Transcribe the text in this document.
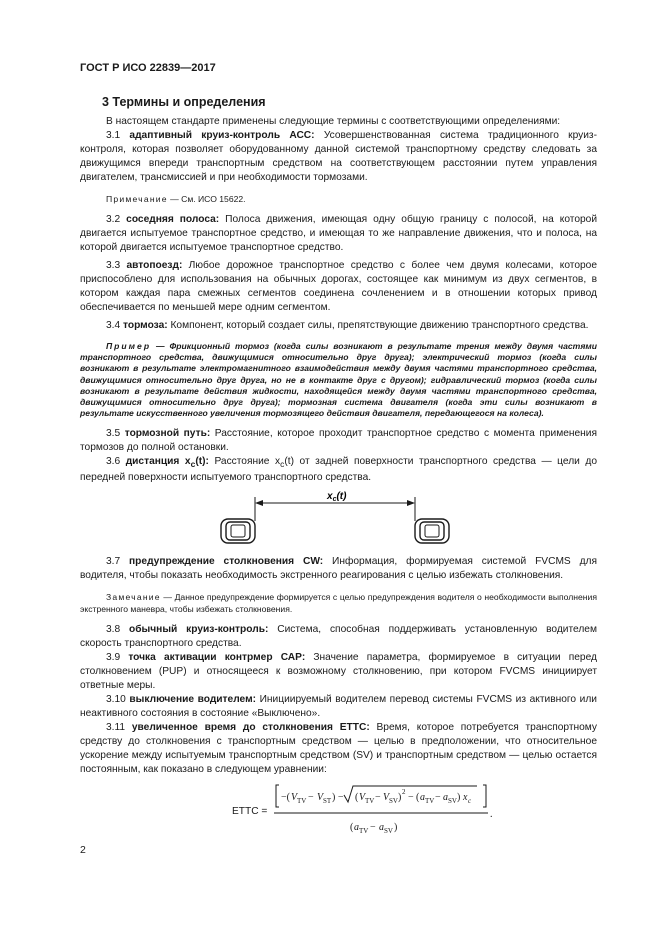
ГОСТ Р ИСО 22839—2017
3 Термины и определения

В настоящем стандарте применены следующие термины с соответствующими определениями:

3.1 адаптивный круиз-контроль АСС: Усовершенствованная система традиционного круиз-контроля, которая позволяет оборудованному данной системой транспортному средству следовать за движущимся впереди транспортным средством на соответствующем расстоянии путем управления двигателем, трансмиссией и при необходимости тормозами.

Примечание — См. ИСО 15622.

3.2 соседняя полоса: Полоса движения, имеющая одну общую границу с полосой, на которой двигается испытуемое транспортное средство, и имеющая то же направление движения, что и полоса, на которой двигается испытуемое транспортное средство.

3.3 автопоезд: Любое дорожное транспортное средство с более чем двумя колесами, которое приспособлено для использования на обычных дорогах, состоящее как минимум из двух сегментов, в котором каждая пара смежных сегментов соединена сочленением и в отношении которых привод обеспечивается по меньшей мере одним сегментом.

3.4 тормоза: Компонент, который создает силы, препятствующие движению транспортного средства.

Пример — Фрикционный тормоз (когда силы возникают в результате трения между двумя частями транспортного средства, движущимися относительно друг друга); электрический тормоз (когда силы возникают в результате электромагнитного взаимодействия между двумя частями транспортного средства, движущимися относительно друг друга, но не в контакте друг с другом); гидравлический тормоз (когда силы возникают в результате действия жидкости, находящейся между двумя частями транспортного средства, движущимися относительно друг друга); тормозная система двигателя (когда эти силы возникают в результате искусственного увеличения тормозящего действия двигателя, передающегося на колеса).

3.5 тормозной путь: Расстояние, которое проходит транспортное средство с момента применения тормозов до полной остановки.

3.6 дистанция $x_c(t)$: Расстояние $x_c(t)$ от задней поверхности транспортного средства — цели до передней поверхности испытуемого транспортного средства.

$x_c(t)$

3.7 предупреждение столкновения CW: Информация, формируемая системой FVCMS для водителя, чтобы показать необходимость экстренного реагирования с целью избежать столкновения.

Замечание — Данное предупреждение формируется с целью предупреждения водителя о необходимости выполнения экстренного маневра, чтобы избежать столкновения.

3.8 обычный круиз-контроль: Система, способная поддерживать установленную водителем скорость транспортного средства.

3.9 точка активации контрмер САР: Значение параметра, формируемое в ситуации перед столкновением (PUP) и относящееся к возможному столкновению, при котором FVCMS инициирует ответные меры.

3.10 выключение водителем: Инициируемый водителем перевод системы FVCMS из активного или неактивного состояния в состояние «Выключено».

3.11 увеличенное время до столкновения ЕТТС: Время, которое потребуется транспортному средству до столкновения с транспортным средством — целью в предположении, что относительное ускорение между испытуемым транспортным средством (SV) и транспортным средством — целью остается постоянным, как показано в следующем уравнении:

ЕТТС =
−( V TV − V ST ) − ( V TV − V SV ) 2 − ( a TV − a SV ) x c
( a TV − a SV )
.
2
